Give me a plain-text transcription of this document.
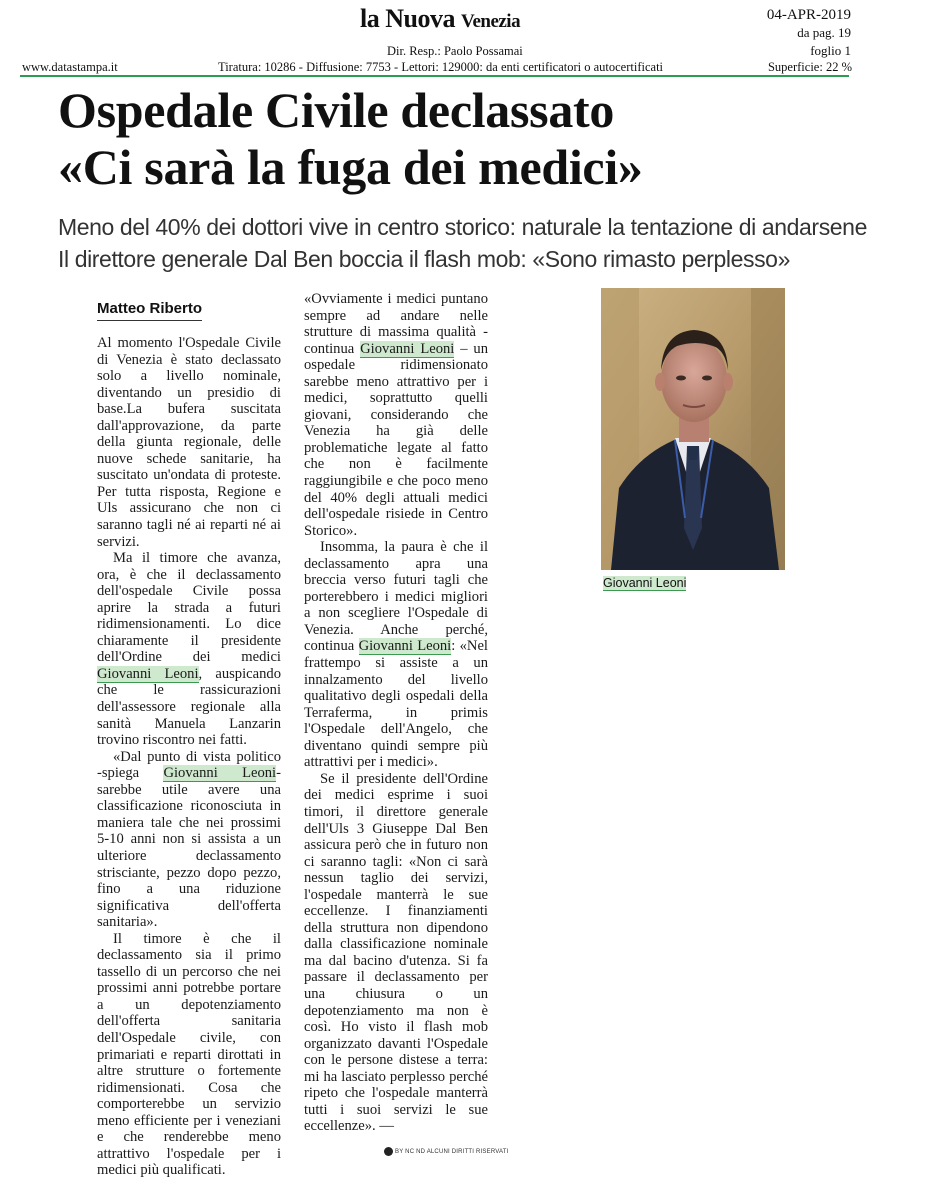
la Nuova Venezia
Dir. Resp.: Paolo Possamai
www.datastampa.it	Tiratura: 10286 - Diffusione: 7753 - Lettori: 129000: da enti certificatori o autocertificati
04-APR-2019
da pag. 19
foglio 1
Superficie: 22 %
Ospedale Civile declassato
«Ci sarà la fuga dei medici»
Meno del 40% dei dottori vive in centro storico: naturale la tentazione di andarsene
Il direttore generale Dal Ben boccia il flash mob: «Sono rimasto perplesso»
Matteo Riberto

Al momento l'Ospedale Civile di Venezia è stato declassato solo a livello nominale, diventando un presidio di base.La bufera suscitata dall'approvazione, da parte della giunta regionale, delle nuove schede sanitarie, ha suscitato un'ondata di proteste. Per tutta risposta, Regione e Uls assicurano che non ci saranno tagli né ai reparti né ai servizi.

Ma il timore che avanza, ora, è che il declassamento dell'ospedale Civile possa aprire la strada a futuri ridimensionamenti. Lo dice chiaramente il presidente dell'Ordine dei medici Giovanni Leoni, auspicando che le rassicurazioni dell'assessore regionale alla sanità Manuela Lanzarin trovino riscontro nei fatti.

«Dal punto di vista politico -spiega Giovanni Leoni- sarebbe utile avere una classificazione riconosciuta in maniera tale che nei prossimi 5-10 anni non si assista a un ulteriore declassamento strisciante, pezzo dopo pezzo, fino a una riduzione significativa dell'offerta sanitaria».

Il timore è che il declassamento sia il primo tassello di un percorso che nei prossimi anni potrebbe portare a un depotenziamento dell'offerta sanitaria dell'Ospedale civile, con primariati e reparti dirottati in altre strutture o fortemente ridimensionati. Cosa che comporterebbe un servizio meno efficiente per i veneziani e che renderebbe meno attrattivo l'ospedale per i medici più qualificati.

«Ovviamente i medici puntano sempre ad andare nelle strutture di massima qualità -continua Giovanni Leoni – un ospedale ridimensionato sarebbe meno attrattivo per i medici, soprattutto quelli giovani, considerando che Venezia ha già delle problematiche legate al fatto che non è facilmente raggiungibile e che poco meno del 40% degli attuali medici dell'ospedale risiede in Centro Storico».

Insomma, la paura è che il declassamento apra una breccia verso futuri tagli che porterebbero i medici migliori a non scegliere l'Ospedale di Venezia. Anche perché, continua Giovanni Leoni: «Nel frattempo si assiste a un innalzamento del livello qualitativo degli ospedali della Terraferma, in primis l'Ospedale dell'Angelo, che diventano quindi sempre più attrattivi per i medici».

Se il presidente dell'Ordine dei medici esprime i suoi timori, il direttore generale dell'Uls 3 Giuseppe Dal Ben assicura però che in futuro non ci saranno tagli: «Non ci sarà nessun taglio dei servizi, l'ospedale manterrà le sue eccellenze. I finanziamenti della struttura non dipendono dalla classificazione nominale ma dal bacino d'utenza. Si fa passare il declassamento per una chiusura o un depotenziamento ma non è così. Ho visto il flash mob organizzato davanti l'Ospedale con le persone distese a terra: mi ha lasciato perplesso perché ripeto che l'ospedale manterrà tutti i suoi servizi le sue eccellenze». —

BY NC ND ALCUNI DIRITTI RISERVATI
Giovanni Leoni
